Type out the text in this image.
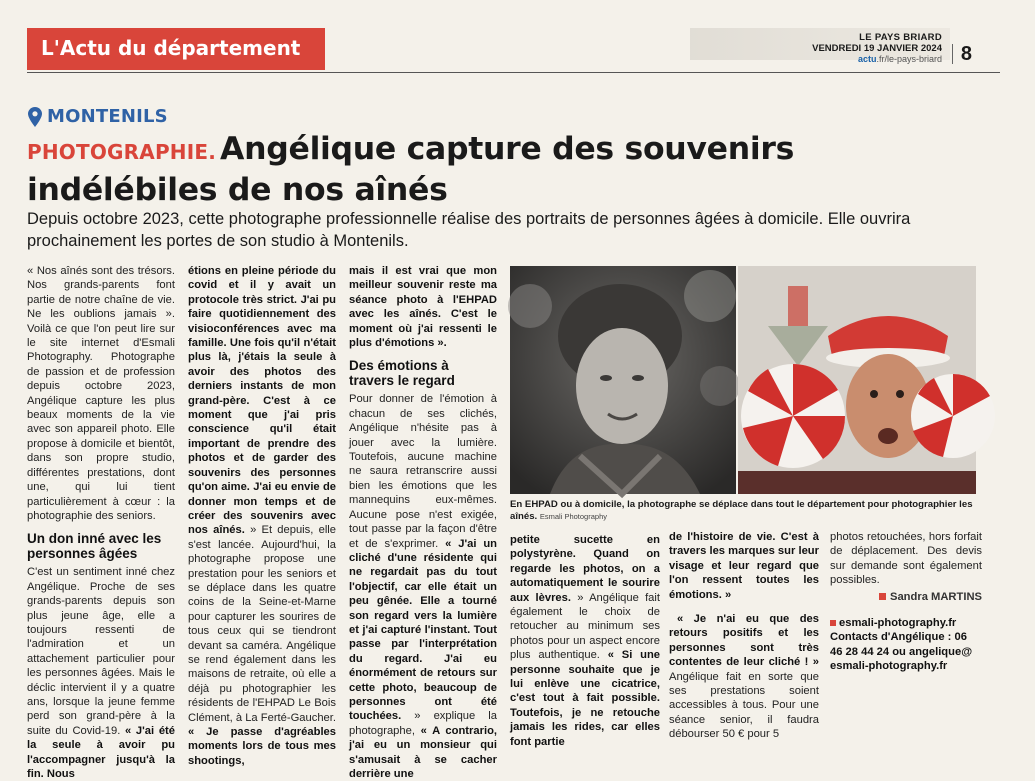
L'Actu du département	LE PAYS BRIARD
VENDREDI 19 JANVIER 2024
actu.fr/le-pays-briard 8
MONTENILS
PHOTOGRAPHIE. Angélique capture des souvenirs indélébiles de nos aînés

Depuis octobre 2023, cette photographe professionnelle réalise des portraits de personnes âgées à domicile. Elle ouvrira prochainement les portes de son studio à Montenils.

« Nos aînés sont des trésors. Nos grands-parents font partie de notre chaîne de vie. Ne les oublions jamais ». Voilà ce que l'on peut lire sur le site internet d'Esmali Photography. Photographe de passion et de profession depuis octobre 2023, Angélique capture les plus beaux moments de la vie avec son appareil photo. Elle propose à domicile et bientôt, dans son propre studio, différentes prestations, dont une, qui lui tient particulièrement à cœur : la photographie des seniors.

Un don inné avec les personnes âgées

C'est un sentiment inné chez Angélique. Proche de ses grands-parents depuis son plus jeune âge, elle a toujours ressenti de l'admiration et un attachement particulier pour les personnes âgées. Mais le déclic intervient il y a quatre ans, lorsque la jeune femme perd son grand-père à la suite du Covid-19. « J'ai été la seule à avoir pu l'accompagner jusqu'à la fin. Nous

étions en pleine période du covid et il y avait un protocole très strict. J'ai pu faire quotidiennement des visioconférences avec ma famille. Une fois qu'il n'était plus là, j'étais la seule à avoir des photos des derniers instants de mon grand-père. C'est à ce moment que j'ai pris conscience qu'il était important de prendre des photos et de garder des souvenirs des personnes qu'on aime. J'ai eu envie de donner mon temps et de créer des souvenirs avec nos aînés. » Et depuis, elle s'est lancée. Aujourd'hui, la photographe propose une prestation pour les seniors et se déplace dans les quatre coins de la Seine-et-Marne pour capturer les sourires de tous ceux qui se tiendront devant sa caméra. Angélique se rend également dans les maisons de retraite, où elle a déjà pu photographier les résidents de l'EHPAD Le Bois Clément, à La Ferté-Gaucher. « Je passe d'agréables moments lors de tous mes shootings,

mais il est vrai que mon meilleur souvenir reste ma séance photo à l'EHPAD avec les aînés. C'est le moment où j'ai ressenti le plus d'émotions ».

Des émotions à travers le regard

Pour donner de l'émotion à chacun de ses clichés, Angélique n'hésite pas à jouer avec la lumière. Toutefois, aucune machine ne saura retranscrire aussi bien les émotions que les mannequins eux-mêmes. Aucune pose n'est exigée, tout passe par la façon d'être et de s'exprimer. « J'ai un cliché d'une résidente qui ne regardait pas du tout l'objectif, car elle était un peu gênée. Elle a tourné son regard vers la lumière et j'ai capturé l'instant. Tout passe par l'interprétation du regard. J'ai eu énormément de retours sur cette photo, beaucoup de personnes ont été touchées. » explique la photographe, « A contrario, j'ai eu un monsieur qui s'amusait à se cacher derrière une

En EHPAD ou à domicile, la photographe se déplace dans tout le département pour photographier les aînés. Esmali Photography

petite sucette en polystyrène. Quand on regarde les photos, on a automatiquement le sourire aux lèvres. » Angélique fait également le choix de retoucher au minimum ses photos pour un aspect encore plus authentique. « Si une personne souhaite que je lui enlève une cicatrice, c'est tout à fait possible. Toutefois, je ne retouche jamais les rides, car elles font partie

de l'histoire de vie. C'est à travers les marques sur leur visage et leur regard que l'on ressent toutes les émotions. »

« Je n'ai eu que des retours positifs et les personnes sont très contentes de leur cliché ! » Angélique fait en sorte que ses prestations soient accessibles à tous. Pour une séance senior, il faudra débourser 50 € pour 5

photos retouchées, hors forfait de déplacement. Des devis sur demande sont également possibles.

Sandra MARTINS
esmali-photography.fr
Contacts d'Angélique : 06 46 28 44 24 ou angelique@ esmali-photography.fr
